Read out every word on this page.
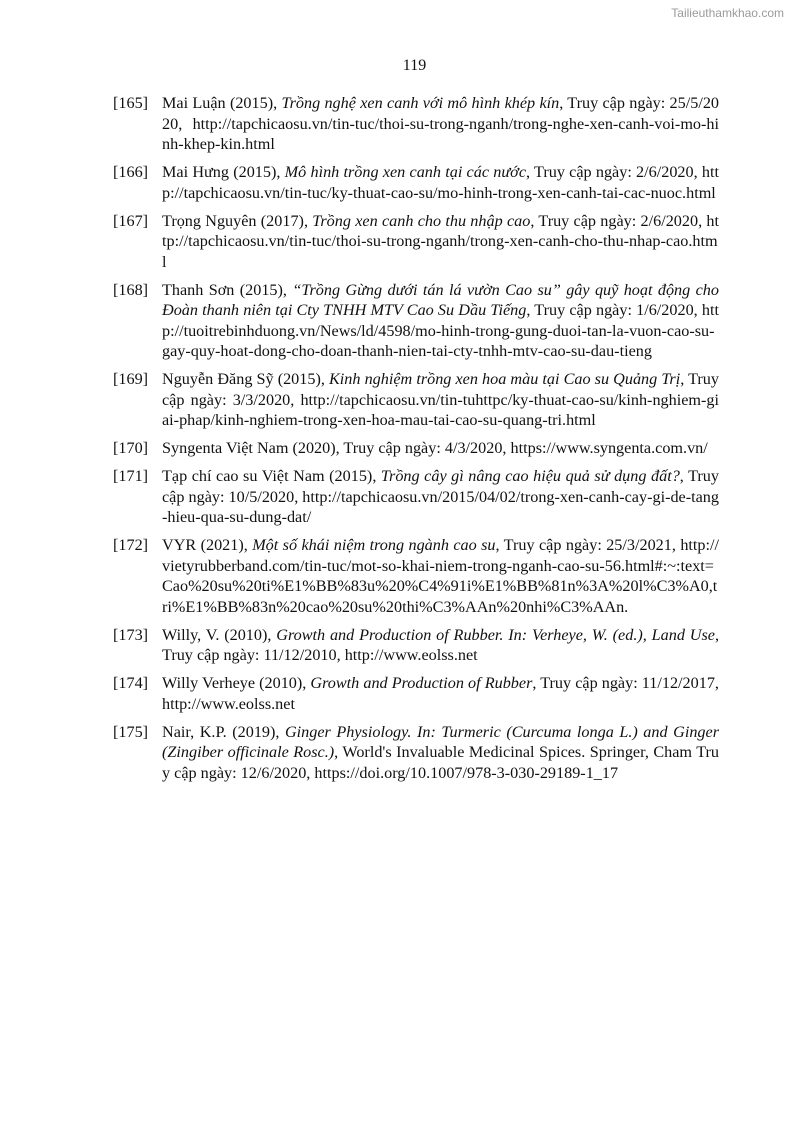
Tailieuthamkhao.com
119
[165] Mai Luận (2015), Trồng nghệ xen canh với mô hình khép kín, Truy cập ngày: 25/5/2020, http://tapchicaosu.vn/tin-tuc/thoi-su-trong-nganh/trong-nghe-xen-canh-voi-mo-hinh-khep-kin.html
[166] Mai Hưng (2015), Mô hình trồng xen canh tại các nước, Truy cập ngày: 2/6/2020, http://tapchicaosu.vn/tin-tuc/ky-thuat-cao-su/mo-hinh-trong-xen-canh-tai-cac-nuoc.html
[167] Trọng Nguyên (2017), Trồng xen canh cho thu nhập cao, Truy cập ngày: 2/6/2020, http://tapchicaosu.vn/tin-tuc/thoi-su-trong-nganh/trong-xen-canh-cho-thu-nhap-cao.html
[168] Thanh Sơn (2015), “Trồng Gừng dưới tán lá vườn Cao su” gây quỹ hoạt động cho Đoàn thanh niên tại Cty TNHH MTV Cao Su Dầu Tiếng, Truy cập ngày: 1/6/2020, http://tuoitrebinhduong.vn/News/ld/4598/mo-hinh-trong-gung-duoi-tan-la-vuon-cao-su-gay-quy-hoat-dong-cho-doan-thanh-nien-tai-cty-tnhh-mtv-cao-su-dau-tieng
[169] Nguyễn Đăng Sỹ (2015), Kinh nghiệm trồng xen hoa màu tại Cao su Quảng Trị, Truy cập ngày: 3/3/2020, http://tapchicaosu.vn/tin-tuhttpc/ky-thuat-cao-su/kinh-nghiem-giai-phap/kinh-nghiem-trong-xen-hoa-mau-tai-cao-su-quang-tri.html
[170] Syngenta Việt Nam (2020), Truy cập ngày: 4/3/2020, https://www.syngenta.com.vn/
[171] Tạp chí cao su Việt Nam (2015), Trồng cây gì nâng cao hiệu quả sử dụng đất?, Truy cập ngày: 10/5/2020, http://tapchicaosu.vn/2015/04/02/trong-xen-canh-cay-gi-de-tang-hieu-qua-su-dung-dat/
[172] VYR (2021), Một số khái niệm trong ngành cao su, Truy cập ngày: 25/3/2021, http://vietyrubberband.com/tin-tuc/mot-so-khai-niem-trong-nganh-cao-su-56.html#:~:text=Cao%20su%20ti%E1%BB%83u%20%C4%91i%E1%BB%81n%3A%20l%C3%A0,tri%E1%BB%83n%20cao%20su%20thi%C3%AAn%20nhi%C3%AAn.
[173] Willy, V. (2010), Growth and Production of Rubber. In: Verheye, W. (ed.), Land Use, Truy cập ngày: 11/12/2010, http://www.eolss.net
[174] Willy Verheye (2010), Growth and Production of Rubber, Truy cập ngày: 11/12/2017, http://www.eolss.net
[175] Nair, K.P. (2019), Ginger Physiology. In: Turmeric (Curcuma longa L.) and Ginger (Zingiber officinale Rosc.), World's Invaluable Medicinal Spices. Springer, Cham Truy cập ngày: 12/6/2020, https://doi.org/10.1007/978-3-030-29189-1_17
